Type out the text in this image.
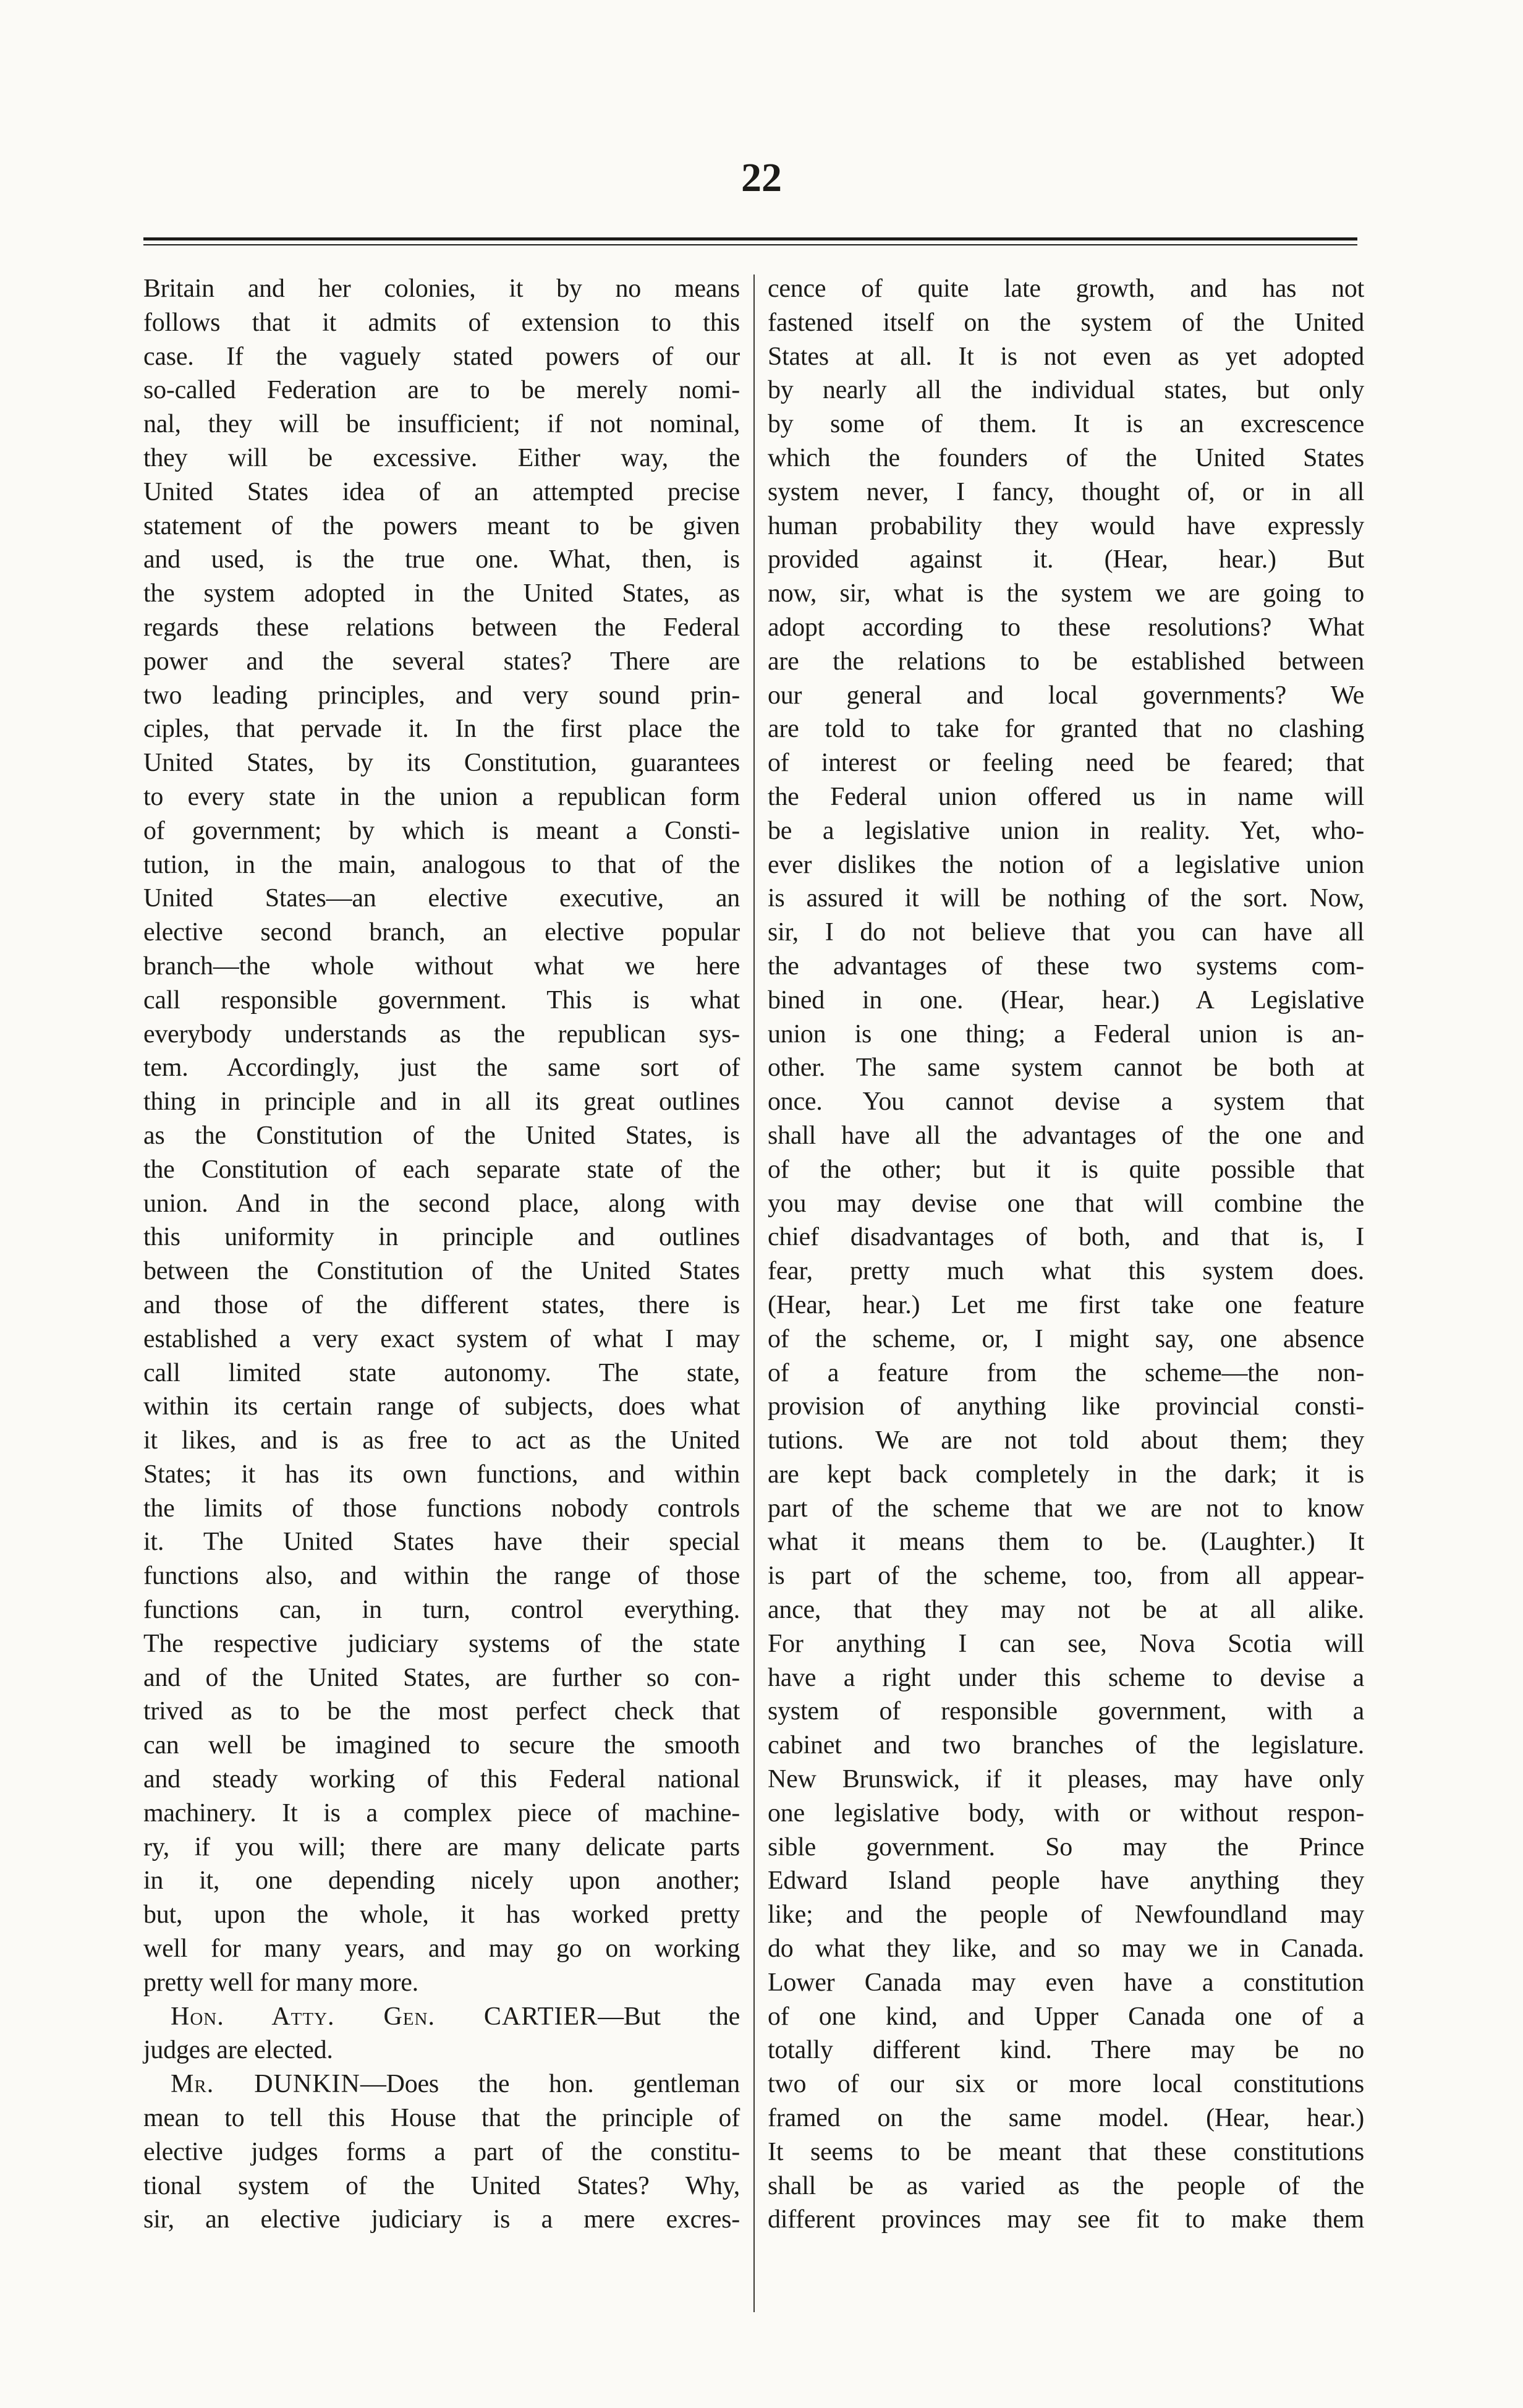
22
Britain and her colonies, it by no means
follows that it admits of extension to this
case. If the vaguely stated powers of our
so-called Federation are to be merely nomi-
nal, they will be insufficient; if not nominal,
they will be excessive. Either way, the
United States idea of an attempted precise
statement of the powers meant to be given
and used, is the true one. What, then, is
the system adopted in the United States, as
regards these relations between the Federal
power and the several states? There are
two leading principles, and very sound prin-
ciples, that pervade it. In the first place the
United States, by its Constitution, guarantees
to every state in the union a republican form
of government; by which is meant a Consti-
tution, in the main, analogous to that of the
United States—an elective executive, an
elective second branch, an elective popular
branch—the whole without what we here
call responsible government. This is what
everybody understands as the republican sys-
tem. Accordingly, just the same sort of
thing in principle and in all its great outlines
as the Constitution of the United States, is
the Constitution of each separate state of the
union. And in the second place, along with
this uniformity in principle and outlines
between the Constitution of the United States
and those of the different states, there is
established a very exact system of what I may
call limited state autonomy. The state,
within its certain range of subjects, does what
it likes, and is as free to act as the United
States; it has its own functions, and within
the limits of those functions nobody controls
it. The United States have their special
functions also, and within the range of those
functions can, in turn, control everything.
The respective judiciary systems of the state
and of the United States, are further so con-
trived as to be the most perfect check that
can well be imagined to secure the smooth
and steady working of this Federal national
machinery. It is a complex piece of machine-
ry, if you will; there are many delicate parts
in it, one depending nicely upon another;
but, upon the whole, it has worked pretty
well for many years, and may go on working
pretty well for many more.
Hon. Atty. Gen. CARTIER—But the
judges are elected.
Mr. DUNKIN—Does the hon. gentleman
mean to tell this House that the principle of
elective judges forms a part of the constitu-
tional system of the United States? Why,
sir, an elective judiciary is a mere excres-
cence of quite late growth, and has not
fastened itself on the system of the United
States at all. It is not even as yet adopted
by nearly all the individual states, but only
by some of them. It is an excrescence
which the founders of the United States
system never, I fancy, thought of, or in all
human probability they would have expressly
provided against it. (Hear, hear.) But
now, sir, what is the system we are going to
adopt according to these resolutions? What
are the relations to be established between
our general and local governments? We
are told to take for granted that no clashing
of interest or feeling need be feared; that
the Federal union offered us in name will
be a legislative union in reality. Yet, who-
ever dislikes the notion of a legislative union
is assured it will be nothing of the sort. Now,
sir, I do not believe that you can have all
the advantages of these two systems com-
bined in one. (Hear, hear.) A Legislative
union is one thing; a Federal union is an-
other. The same system cannot be both at
once. You cannot devise a system that
shall have all the advantages of the one and
of the other; but it is quite possible that
you may devise one that will combine the
chief disadvantages of both, and that is, I
fear, pretty much what this system does.
(Hear, hear.) Let me first take one feature
of the scheme, or, I might say, one absence
of a feature from the scheme—the non-
provision of anything like provincial consti-
tutions. We are not told about them; they
are kept back completely in the dark; it is
part of the scheme that we are not to know
what it means them to be. (Laughter.) It
is part of the scheme, too, from all appear-
ance, that they may not be at all alike.
For anything I can see, Nova Scotia will
have a right under this scheme to devise a
system of responsible government, with a
cabinet and two branches of the legislature.
New Brunswick, if it pleases, may have only
one legislative body, with or without respon-
sible government. So may the Prince
Edward Island people have anything they
like; and the people of Newfoundland may
do what they like, and so may we in Canada.
Lower Canada may even have a constitution
of one kind, and Upper Canada one of a
totally different kind. There may be no
two of our six or more local constitutions
framed on the same model. (Hear, hear.)
It seems to be meant that these constitutions
shall be as varied as the people of the
different provinces may see fit to make them
